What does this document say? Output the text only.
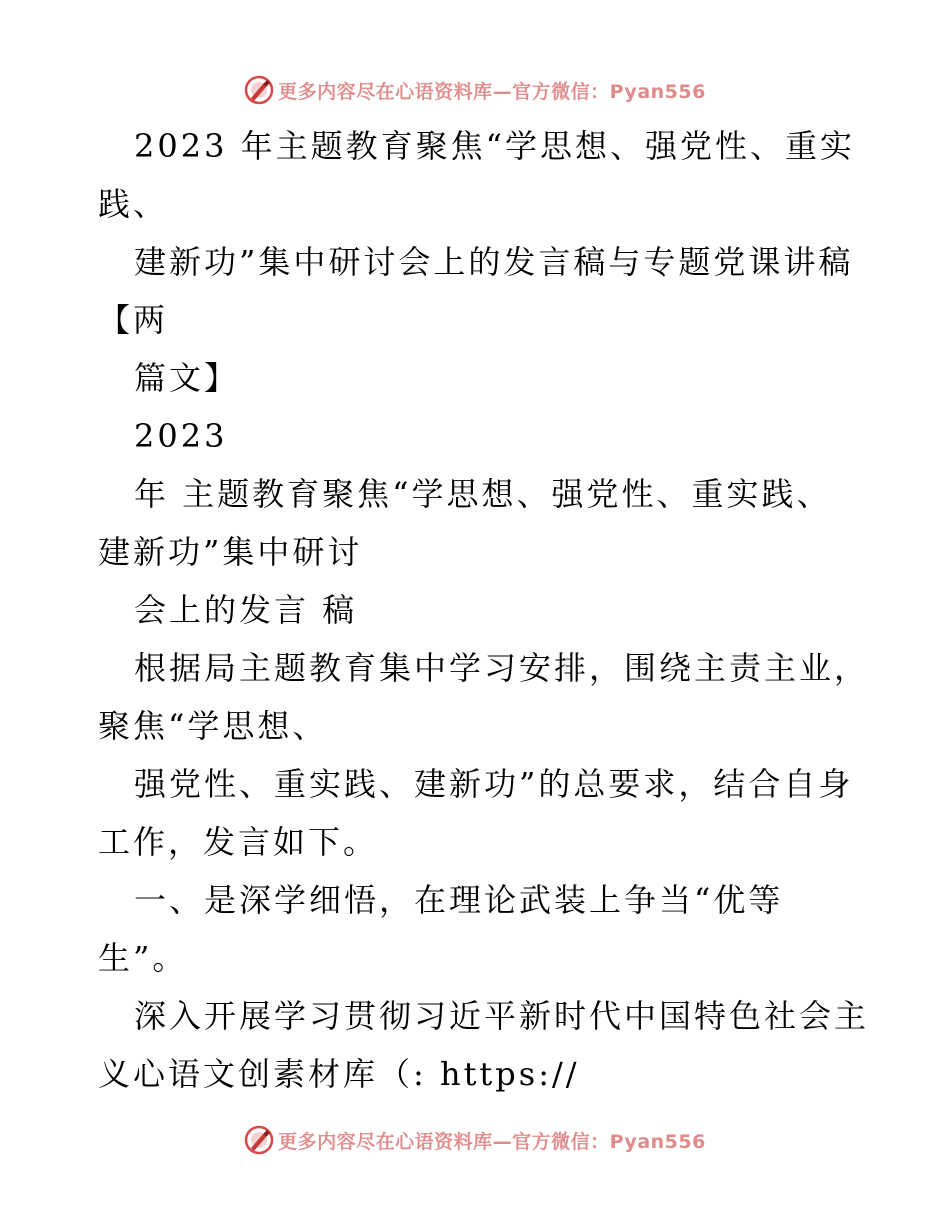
更多内容尽在心语资料库—官方微信：Pyan556
2023 年主题教育聚焦“学思想、强党性、重实
践、
建新功”集中研讨会上的发言稿与专题党课讲稿
【两
篇文】
2023
年 主题教育聚焦“学思想、强党性、重实践、
建新功”集中研讨
会上的发言 稿
根据局主题教育集中学习安排，围绕主责主业，
聚焦“学思想、
强党性、重实践、建新功”的总要求，结合自身
工作，发言如下。
一、是深学细悟，在理论武装上争当“优等
生”。
深入开展学习贯彻习近平新时代中国特色社会主
义心语文创素材库（: https://
更多内容尽在心语资料库—官方微信：Pyan556
